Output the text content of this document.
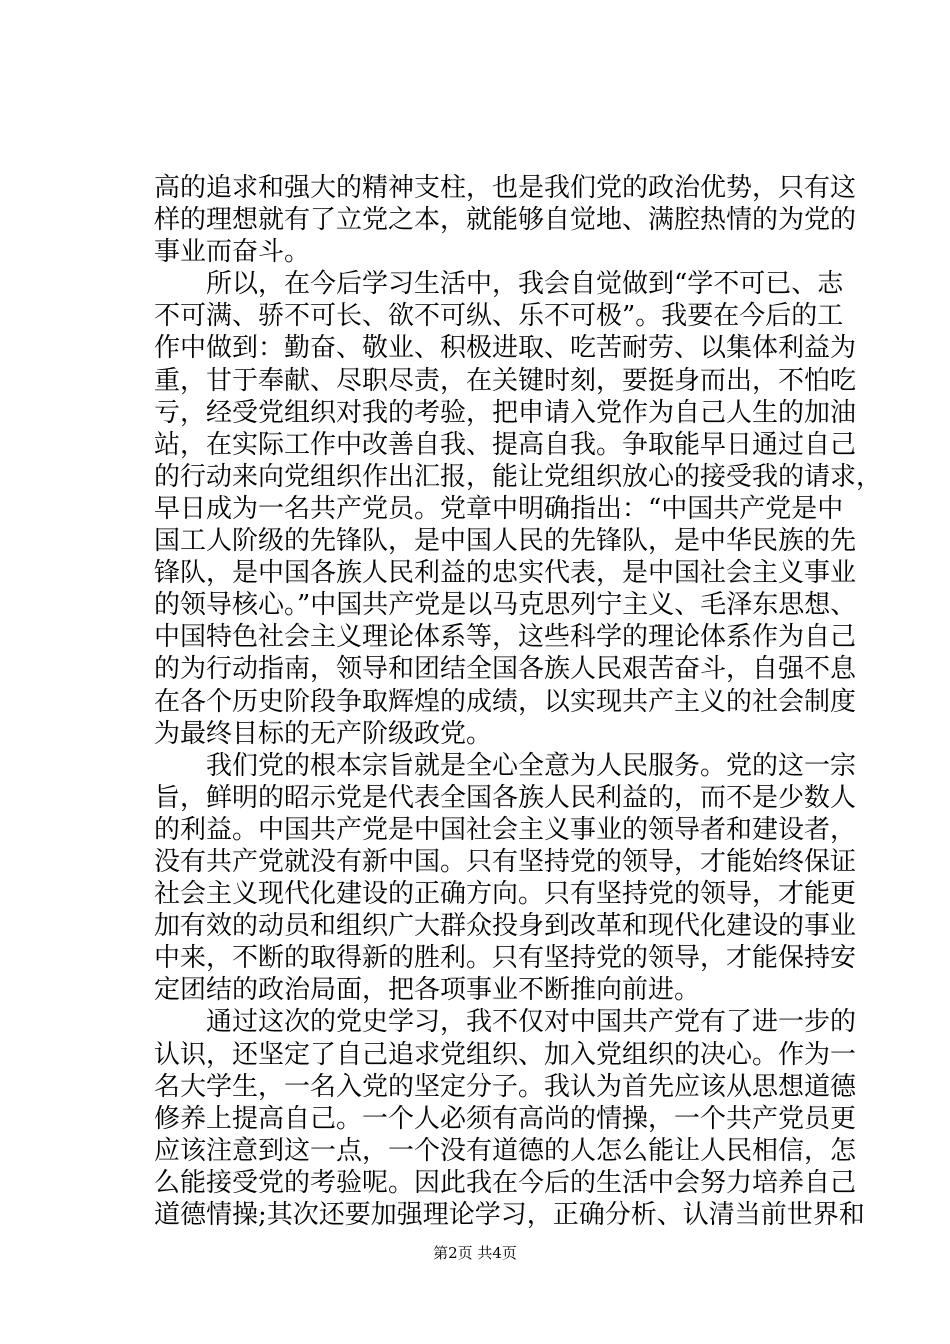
高的追求和强大的精神支柱，也是我们党的政治优势，只有这
样的理想就有了立党之本，就能够自觉地、满腔热情的为党的
事业而奋斗。
　　所以，在今后学习生活中，我会自觉做到“学不可已、志
不可满、骄不可长、欲不可纵、乐不可极”。我要在今后的工
作中做到：勤奋、敬业、积极进取、吃苦耐劳、以集体利益为
重，甘于奉献、尽职尽责，在关键时刻，要挺身而出，不怕吃
亏，经受党组织对我的考验，把申请入党作为自己人生的加油
站，在实际工作中改善自我、提高自我。争取能早日通过自己
的行动来向党组织作出汇报，能让党组织放心的接受我的请求，
早日成为一名共产党员。党章中明确指出：“中国共产党是中
国工人阶级的先锋队，是中国人民的先锋队，是中华民族的先
锋队，是中国各族人民利益的忠实代表，是中国社会主义事业
的领导核心。”中国共产党是以马克思列宁主义、毛泽东思想、
中国特色社会主义理论体系等，这些科学的理论体系作为自己
的为行动指南，领导和团结全国各族人民艰苦奋斗，自强不息
在各个历史阶段争取辉煌的成绩，以实现共产主义的社会制度
为最终目标的无产阶级政党。
　　我们党的根本宗旨就是全心全意为人民服务。党的这一宗
旨，鲜明的昭示党是代表全国各族人民利益的，而不是少数人
的利益。中国共产党是中国社会主义事业的领导者和建设者，
没有共产党就没有新中国。只有坚持党的领导，才能始终保证
社会主义现代化建设的正确方向。只有坚持党的领导，才能更
加有效的动员和组织广大群众投身到改革和现代化建设的事业
中来，不断的取得新的胜利。只有坚持党的领导，才能保持安
定团结的政治局面，把各项事业不断推向前进。
　　通过这次的党史学习，我不仅对中国共产党有了进一步的
认识，还坚定了自己追求党组织、加入党组织的决心。作为一
名大学生，一名入党的坚定分子。我认为首先应该从思想道德
修养上提高自己。一个人必须有高尚的情操，一个共产党员更
应该注意到这一点，一个没有道德的人怎么能让人民相信，怎
么能接受党的考验呢。因此我在今后的生活中会努力培养自己
道德情操;其次还要加强理论学习，正确分析、认清当前世界和
第2页 共4页
